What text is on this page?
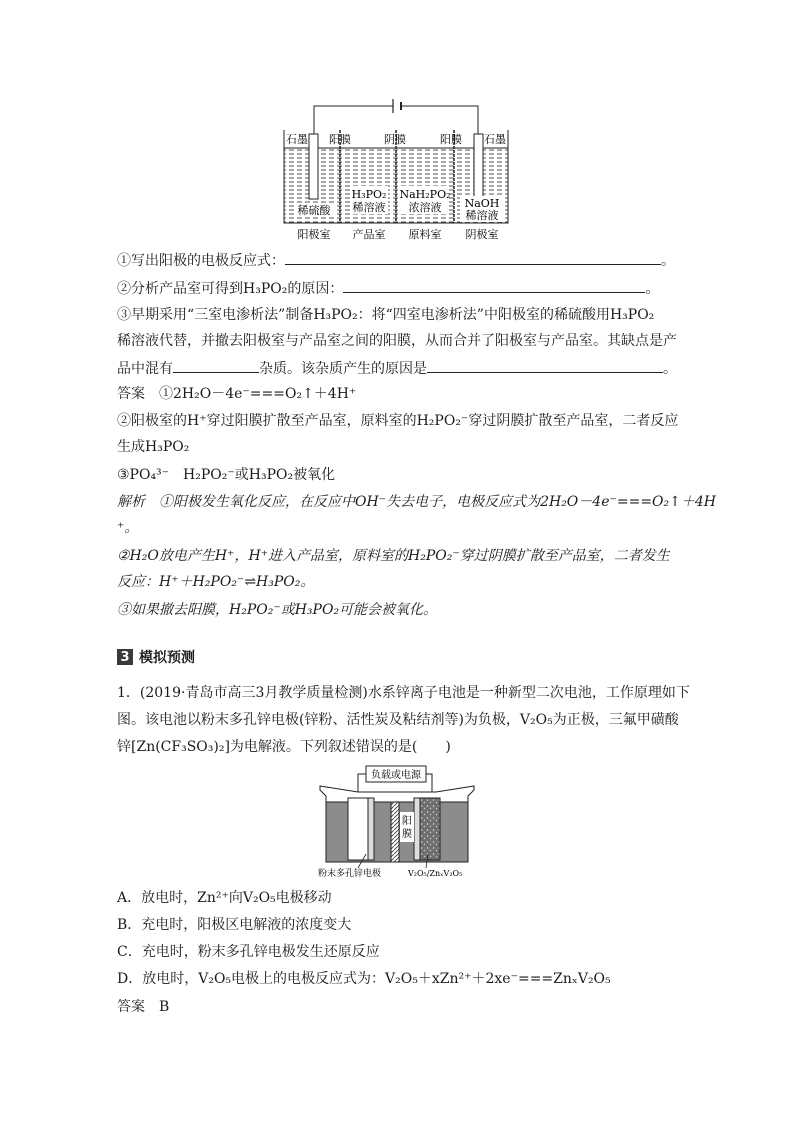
石墨 阳膜	阴膜	阳膜 石墨
稀硫酸
H₃PO₂
稀溶液
NaH₂PO₂
浓溶液 NaOH
稀溶液
阳极室 产品室 原料室 阴极室
①写出阳极的电极反应式：	。
②分析产品室可得到H₃PO₂的原因：	。
③早期采用“三室电渗析法”制备H₃PO₂：将“四室电渗析法”中阳极室的稀硫酸用H₃PO₂
稀溶液代替，并撤去阳极室与产品室之间的阳膜，从而合并了阳极室与产品室。其缺点是产
品中混有	杂质。该杂质产生的原因是	。
答案　①2H₂O－4e⁻===O₂↑＋4H⁺
②阳极室的H⁺穿过阳膜扩散至产品室，原料室的H₂PO₂⁻穿过阴膜扩散至产品室，二者反应
生成H₃PO₂
③PO₄³⁻　H₂PO₂⁻或H₃PO₂被氧化
解析　①阳极发生氧化反应，在反应中OH⁻失去电子，电极反应式为2H₂O－4e⁻===O₂↑＋4H
⁺。
②H₂O放电产生H⁺，H⁺进入产品室，原料室的H₂PO₂⁻穿过阴膜扩散至产品室，二者发生
反应：H⁺＋H₂PO₂⁻⇌H₃PO₂。
③如果撤去阳膜，H₂PO₂⁻或H₃PO₂可能会被氧化。
3 模拟预测
1．(2019·青岛市高三3月教学质量检测)水系锌离子电池是一种新型二次电池，工作原理如下
图。该电池以粉末多孔锌电极(锌粉、活性炭及粘结剂等)为负极，V₂O₅为正极，三氟甲磺酸
锌[Zn(CF₃SO₃)₂]为电解液。下列叙述错误的是(　　)
负载或电源
阳
膜
粉末多孔锌电极	V₂O₅/ZnₓV₂O₅
A．放电时，Zn²⁺向V₂O₅电极移动
B．充电时，阳极区电解液的浓度变大
C．充电时，粉末多孔锌电极发生还原反应
D．放电时，V₂O₅电极上的电极反应式为：V₂O₅＋xZn²⁺＋2xe⁻===ZnₓV₂O₅
答案　B
